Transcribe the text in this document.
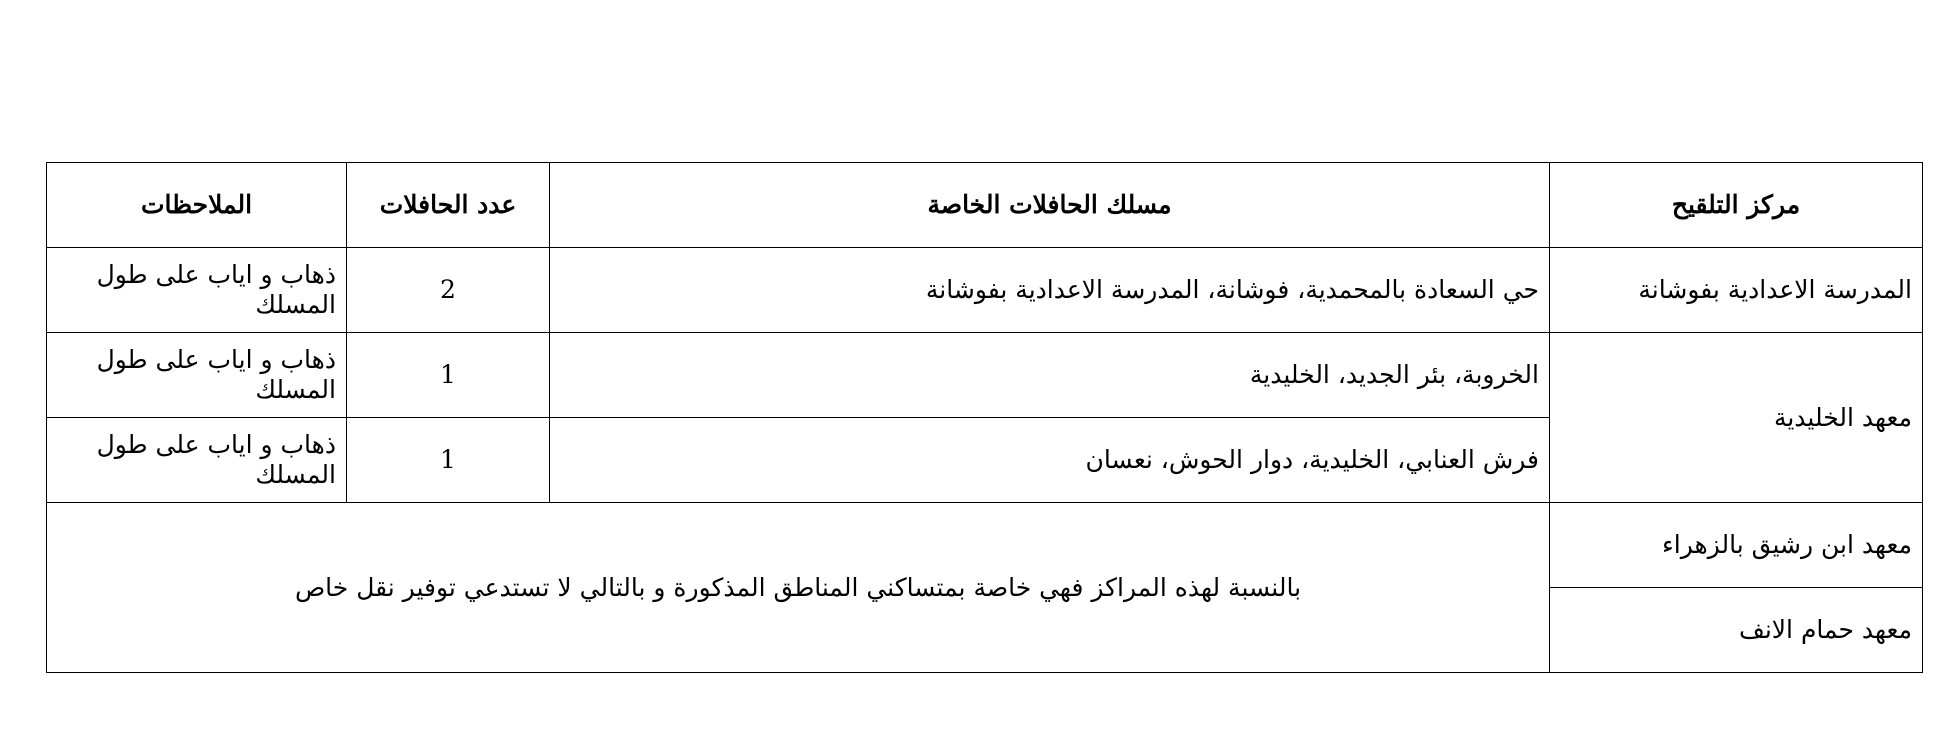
مركز التلقيح	مسلك الحافلات الخاصة	عدد الحافلات	الملاحظات
المدرسة الاعدادية بفوشانة	حي السعادة بالمحمدية، فوشانة، المدرسة الاعدادية بفوشانة	2	ذهاب و اياب على طول المسلك
معهد الخليدية	الخروبة، بئر الجديد، الخليدية	1	ذهاب و اياب على طول المسلك
	فرش العنابي، الخليدية، دوار الحوش، نعسان	1	ذهاب و اياب على طول المسلك
معهد ابن رشيق بالزهراء	بالنسبة لهذه المراكز فهي خاصة بمتساكني المناطق المذكورة و بالتالي لا تستدعي توفير نقل خاص		
معهد حمام الانف			
